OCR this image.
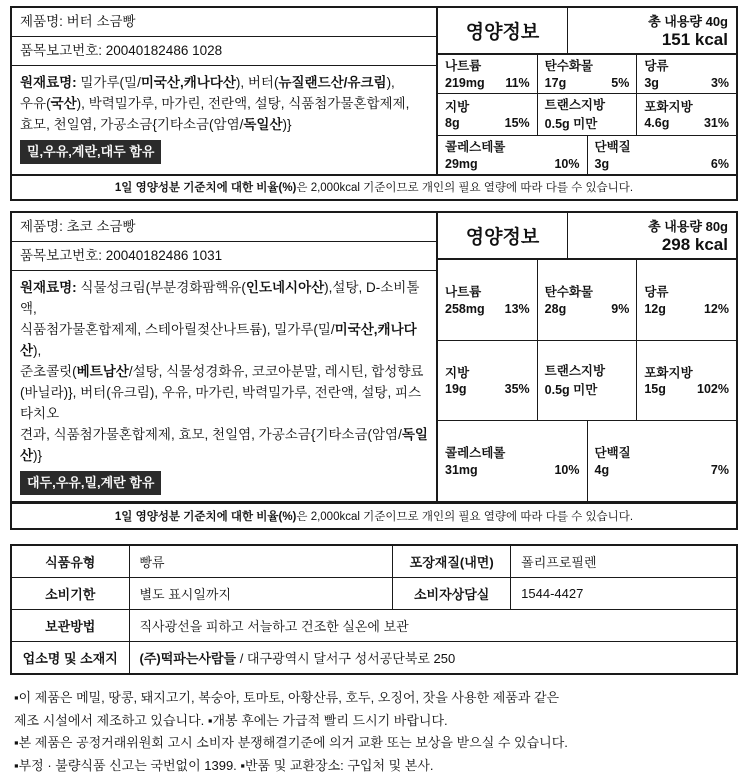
제품명: 버터 소금빵
품목보고번호: 20040182486 1028
원재료명: 밀가루(밀/미국산,캐나다산), 버터(뉴질랜드산/유크림),
우유(국산), 박력밀가루, 마가린, 전란액, 설탕, 식품첨가물혼합제제,
효모, 천일염, 가공소금{기타소금(암염/독일산)}
밀,우유,계란,대두 함유
영양정보
총 내용량 40g
151 kcal
나트륨
219mg 11%
탄수화물
17g	5%
당류
3g	3%
지방
8g	15%
트랜스지방
0.5g 미만
포화지방
4.6g	31%
콜레스테롤
29mg	10%
단백질
3g	6%
1일 영양성분 기준치에 대한 비율(%)은 2,000kcal 기준이므로 개인의 필요 열량에 따라 다를 수 있습니다.
제품명: 초코 소금빵
품목보고번호: 20040182486 1031
원재료명: 식물성크림(부분경화팜핵유(인도네시아산),설탕, D-소비톨액,
식품첨가물혼합제제, 스테아릴젖산나트륨), 밀가루(밀/미국산,캐나다산),
준초콜릿(베트남산/설탕, 식물성경화유, 코코아분말, 레시틴, 합성향료
(바닐라)}, 버터(유크림), 우유, 마가린, 박력밀가루, 전란액, 설탕, 피스타치오
견과, 식품첨가물혼합제제, 효모, 천일염, 가공소금{기타소금(암염/독일산)}
대두,우유,밀,계란 함유
영양정보
총 내용량 80g
298 kcal
나트륨
258mg 13%
탄수화물
28g	9%
당류
12g	12%
지방
19g	35%
트랜스지방
0.5g 미만
포화지방
15g 102%
콜레스테롤
31mg	10%
단백질
4g	7%
1일 영양성분 기준치에 대한 비율(%)은 2,000kcal 기준이므로 개인의 필요 열량에 따라 다를 수 있습니다.
식품유형	빵류	포장재질(내면)	폴리프로필렌
소비기한	별도 표시일까지	소비자상담실	1544-4427
보관방법	직사광선을 피하고 서늘하고 건조한 실온에 보관		
업소명 및 소재지	(주)떡파는사람들 / 대구광역시 달서구 성서공단북로 250		
▪이 제품은 메밀, 땅콩, 돼지고기, 복숭아, 토마토, 아황산류, 호두, 오징어, 잣을 사용한 제품과 같은
제조 시설에서 제조하고 있습니다. ▪개봉 후에는 가급적 빨리 드시기 바랍니다.
▪본 제품은 공정거래위원회 고시 소비자 분쟁해결기준에 의거 교환 또는 보상을 받으실 수 있습니다.
▪부정 · 불량식품 신고는 국번없이 1399. ▪반품 및 교환장소: 구입처 및 본사.
